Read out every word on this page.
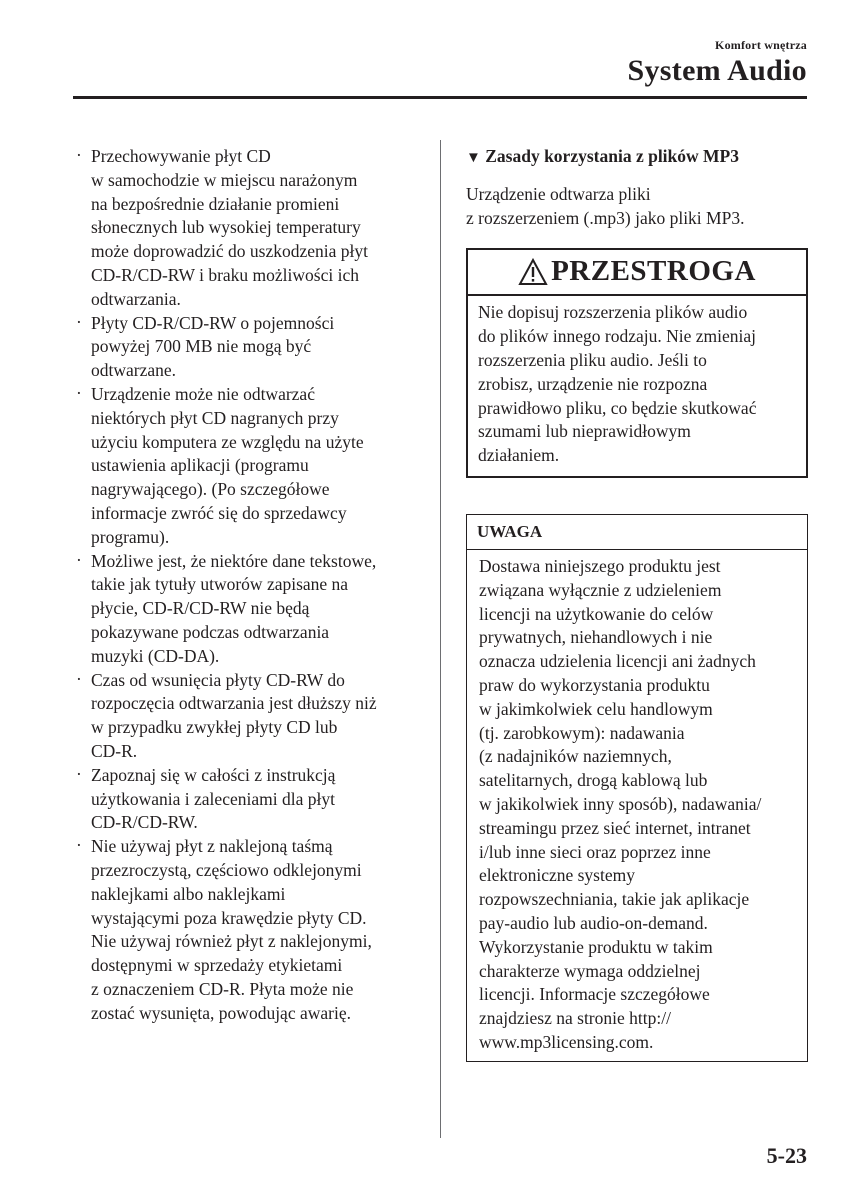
Komfort wnętrza
System Audio
· Przechowywanie płyt CD
w samochodzie w miejscu narażonym
na bezpośrednie działanie promieni
słonecznych lub wysokiej temperatury
może doprowadzić do uszkodzenia płyt
CD-R/CD-RW i braku możliwości ich
odtwarzania.
· Płyty CD-R/CD-RW o pojemności
powyżej 700 MB nie mogą być
odtwarzane.
· Urządzenie może nie odtwarzać
niektórych płyt CD nagranych przy
użyciu komputera ze względu na użyte
ustawienia aplikacji (programu
nagrywającego). (Po szczegółowe
informacje zwróć się do sprzedawcy
programu).
· Możliwe jest, że niektóre dane tekstowe,
takie jak tytuły utworów zapisane na
płycie, CD-R/CD-RW nie będą
pokazywane podczas odtwarzania
muzyki (CD-DA).
· Czas od wsunięcia płyty CD-RW do
rozpoczęcia odtwarzania jest dłuższy niż
w przypadku zwykłej płyty CD lub
CD-R.
· Zapoznaj się w całości z instrukcją
użytkowania i zaleceniami dla płyt
CD-R/CD-RW.
· Nie używaj płyt z naklejoną taśmą
przezroczystą, częściowo odklejonymi
naklejkami albo naklejkami
wystającymi poza krawędzie płyty CD.
Nie używaj również płyt z naklejonymi,
dostępnymi w sprzedaży etykietami
z oznaczeniem CD-R. Płyta może nie
zostać wysunięta, powodując awarię.
▼ Zasady korzystania z plików MP3
Urządzenie odtwarza pliki
z rozszerzeniem (.mp3) jako pliki MP3.
PRZESTROGA
Nie dopisuj rozszerzenia plików audio
do plików innego rodzaju. Nie zmieniaj
rozszerzenia pliku audio. Jeśli to
zrobisz, urządzenie nie rozpozna
prawidłowo pliku, co będzie skutkować
szumami lub nieprawidłowym
działaniem.
UWAGA
Dostawa niniejszego produktu jest
związana wyłącznie z udzieleniem
licencji na użytkowanie do celów
prywatnych, niehandlowych i nie
oznacza udzielenia licencji ani żadnych
praw do wykorzystania produktu
w jakimkolwiek celu handlowym
(tj. zarobkowym): nadawania
(z nadajników naziemnych,
satelitarnych, drogą kablową lub
w jakikolwiek inny sposób), nadawania/
streamingu przez sieć internet, intranet
i/lub inne sieci oraz poprzez inne
elektroniczne systemy
rozpowszechniania, takie jak aplikacje
pay-audio lub audio-on-demand.
Wykorzystanie produktu w takim
charakterze wymaga oddzielnej
licencji. Informacje szczegółowe
znajdziesz na stronie http://
www.mp3licensing.com.
5-23
